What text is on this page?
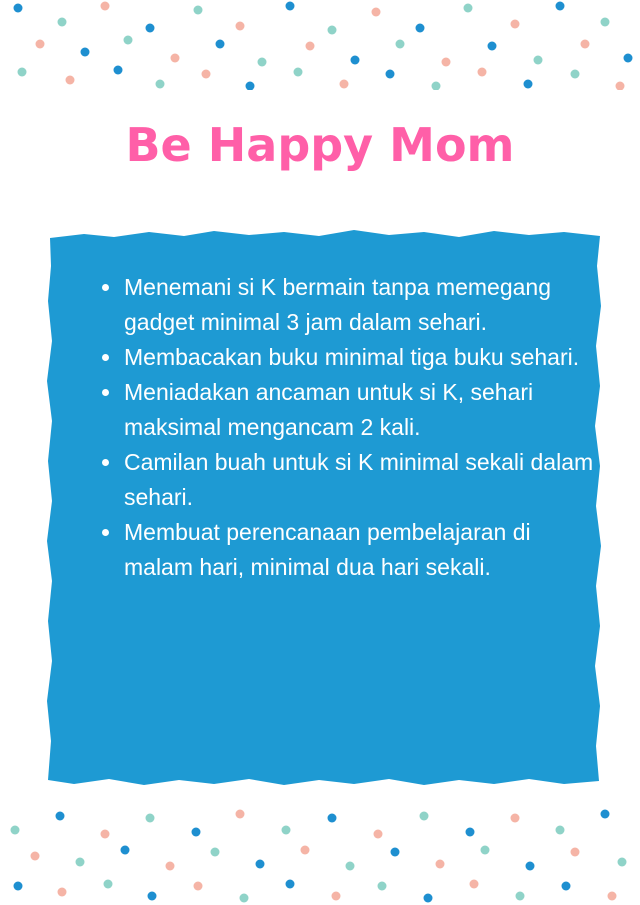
Be Happy Mom
Menemani si K bermain tanpa memegang gadget minimal 3 jam dalam sehari.
Membacakan buku minimal tiga buku sehari.
Meniadakan ancaman untuk si K, sehari maksimal mengancam 2 kali.
Camilan buah untuk si K minimal sekali dalam sehari.
Membuat perencanaan pembelajaran di malam hari, minimal dua hari sekali.
